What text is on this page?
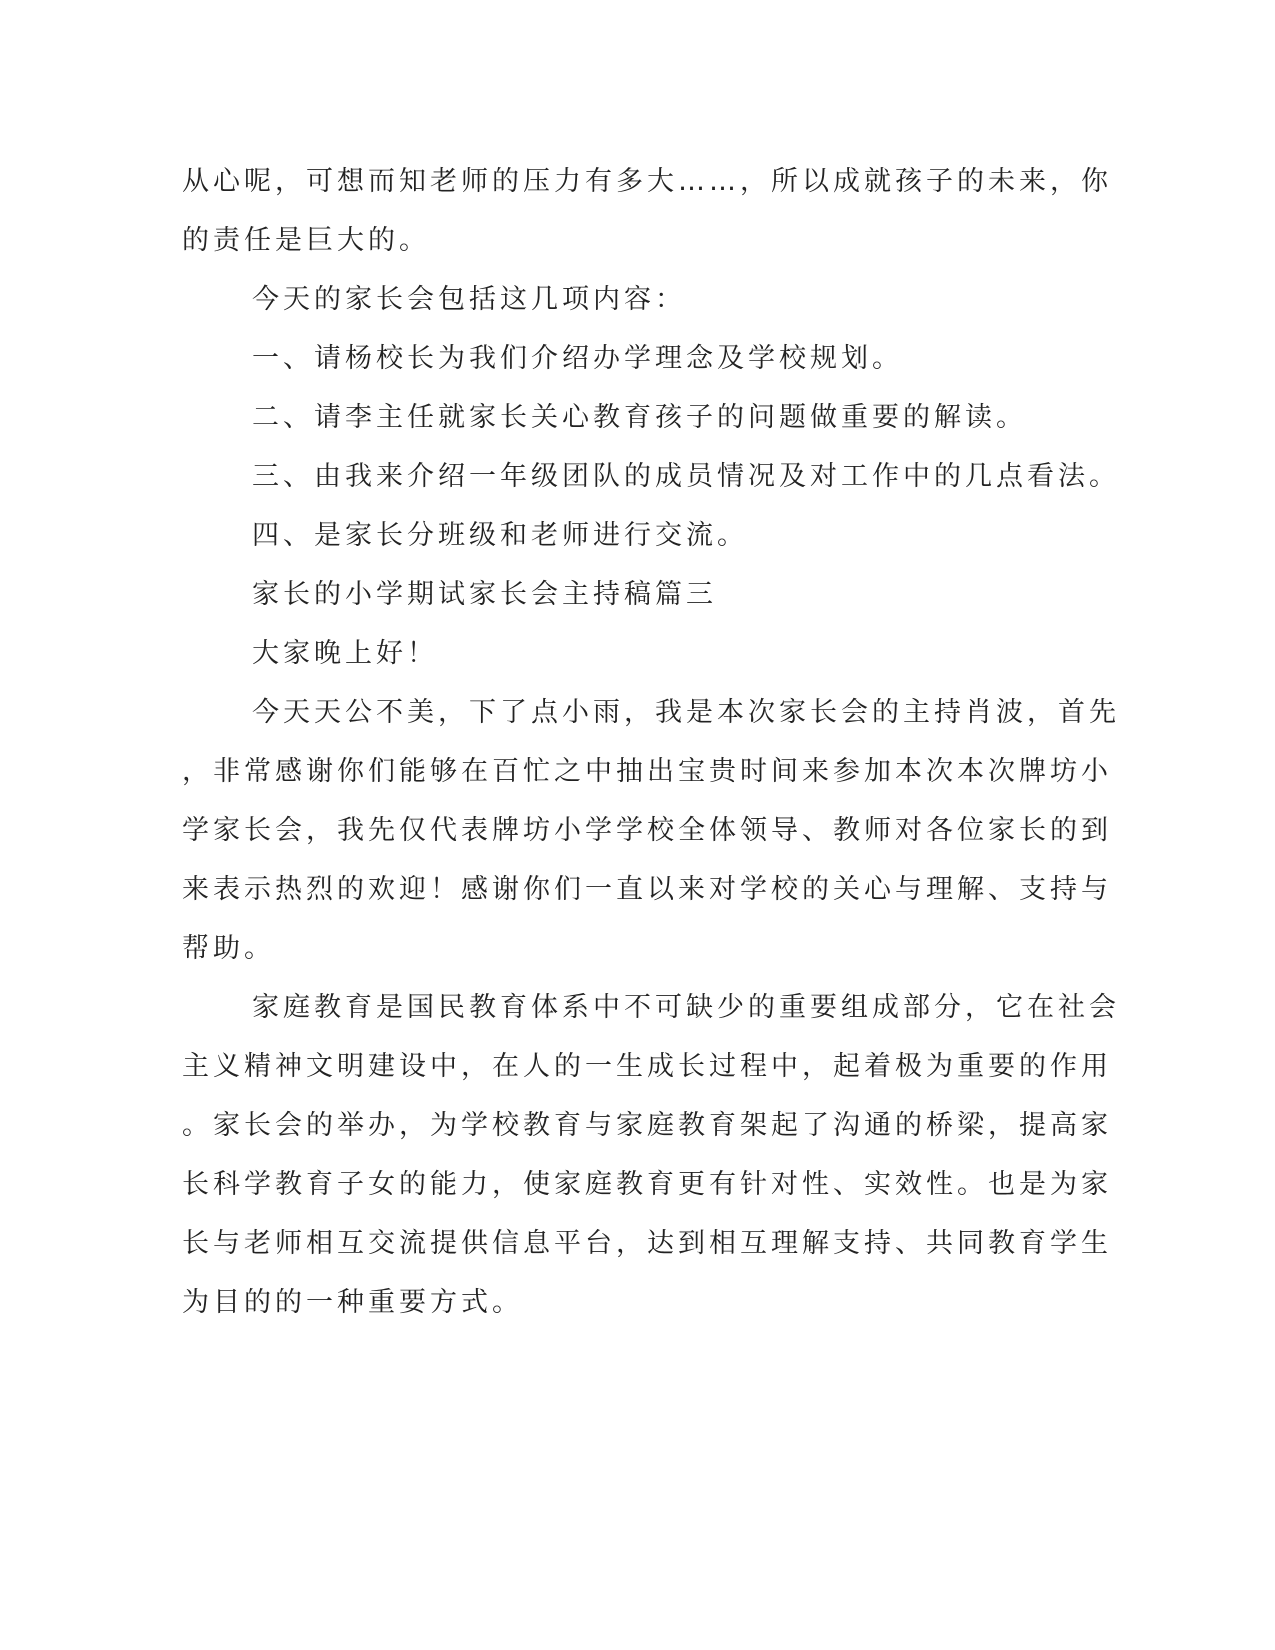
从心呢，可想而知老师的压力有多大……，所以成就孩子的未来，你
的责任是巨大的。
今天的家长会包括这几项内容：
一、请杨校长为我们介绍办学理念及学校规划。
二、请李主任就家长关心教育孩子的问题做重要的解读。
三、由我来介绍一年级团队的成员情况及对工作中的几点看法。
四、是家长分班级和老师进行交流。
家长的小学期试家长会主持稿篇三
大家晚上好！
今天天公不美，下了点小雨，我是本次家长会的主持肖波，首先
，非常感谢你们能够在百忙之中抽出宝贵时间来参加本次本次牌坊小
学家长会，我先仅代表牌坊小学学校全体领导、教师对各位家长的到
来表示热烈的欢迎！感谢你们一直以来对学校的关心与理解、支持与
帮助。
家庭教育是国民教育体系中不可缺少的重要组成部分，它在社会
主义精神文明建设中，在人的一生成长过程中，起着极为重要的作用
。家长会的举办，为学校教育与家庭教育架起了沟通的桥梁，提高家
长科学教育子女的能力，使家庭教育更有针对性、实效性。也是为家
长与老师相互交流提供信息平台，达到相互理解支持、共同教育学生
为目的的一种重要方式。
